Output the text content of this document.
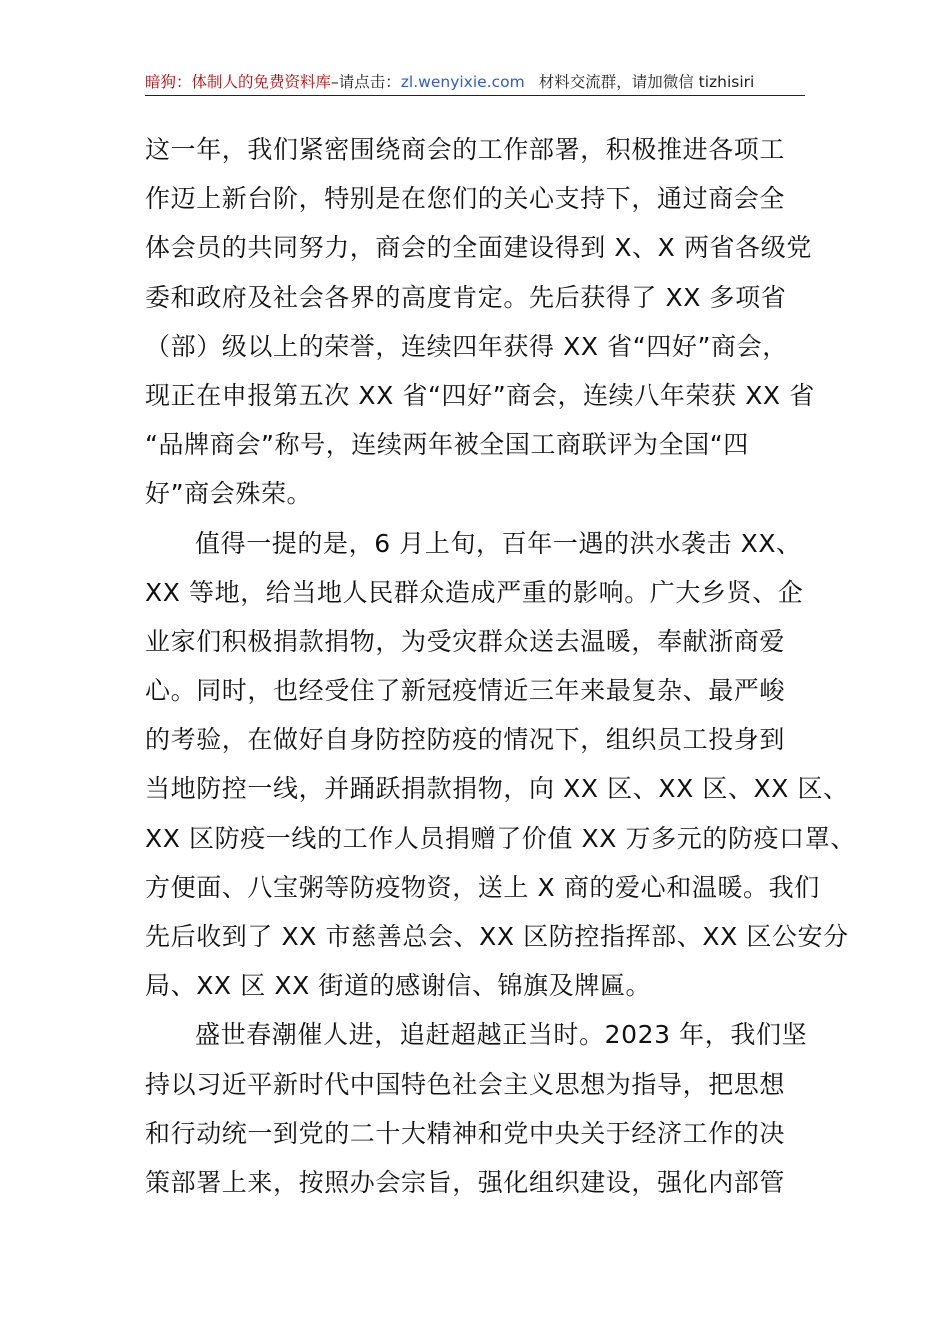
暗狗：体制人的免费资料库–请点击：zl.wenyixie.com 材料交流群，请加微信 tizhisiri
这一年，我们紧密围绕商会的工作部署，积极推进各项工
作迈上新台阶，特别是在您们的关心支持下，通过商会全
体会员的共同努力，商会的全面建设得到 X、X 两省各级党
委和政府及社会各界的高度肯定。先后获得了 XX 多项省
（部）级以上的荣誉，连续四年获得 XX 省“四好”商会，
现正在申报第五次 XX 省“四好”商会，连续八年荣获 XX 省
“品牌商会”称号，连续两年被全国工商联评为全国“四
好”商会殊荣。
值得一提的是，6 月上旬，百年一遇的洪水袭击 XX、
XX 等地，给当地人民群众造成严重的影响。广大乡贤、企
业家们积极捐款捐物，为受灾群众送去温暖，奉献浙商爱
心。同时，也经受住了新冠疫情近三年来最复杂、最严峻
的考验，在做好自身防控防疫的情况下，组织员工投身到
当地防控一线，并踊跃捐款捐物，向 XX 区、XX 区、XX 区、
XX 区防疫一线的工作人员捐赠了价值 XX 万多元的防疫口罩、
方便面、八宝粥等防疫物资，送上 X 商的爱心和温暖。我们
先后收到了 XX 市慈善总会、XX 区防控指挥部、XX 区公安分
局、XX 区 XX 街道的感谢信、锦旗及牌匾。
盛世春潮催人进，追赶超越正当时。2023 年，我们坚
持以习近平新时代中国特色社会主义思想为指导，把思想
和行动统一到党的二十大精神和党中央关于经济工作的决
策部署上来，按照办会宗旨，强化组织建设，强化内部管
